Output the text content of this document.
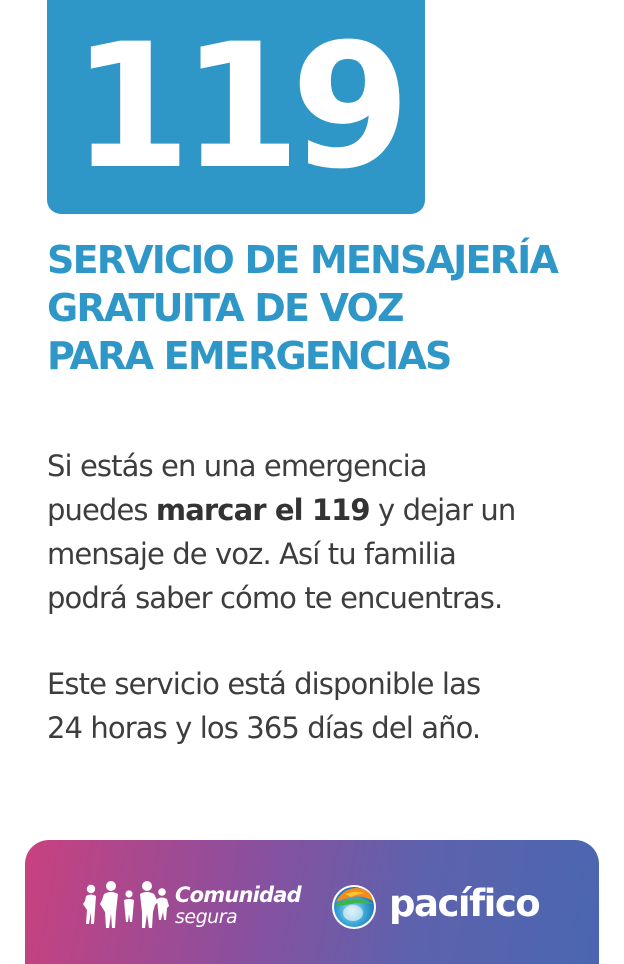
119
SERVICIO DE MENSAJERÍA
GRATUITA DE VOZ
PARA EMERGENCIAS
Si estás en una emergencia
puedes marcar el 119 y dejar un
mensaje de voz. Así tu familia
podrá saber cómo te encuentras.
Este servicio está disponible las
24 horas y los 365 días del año.
Comunidad
segura	pacífico
